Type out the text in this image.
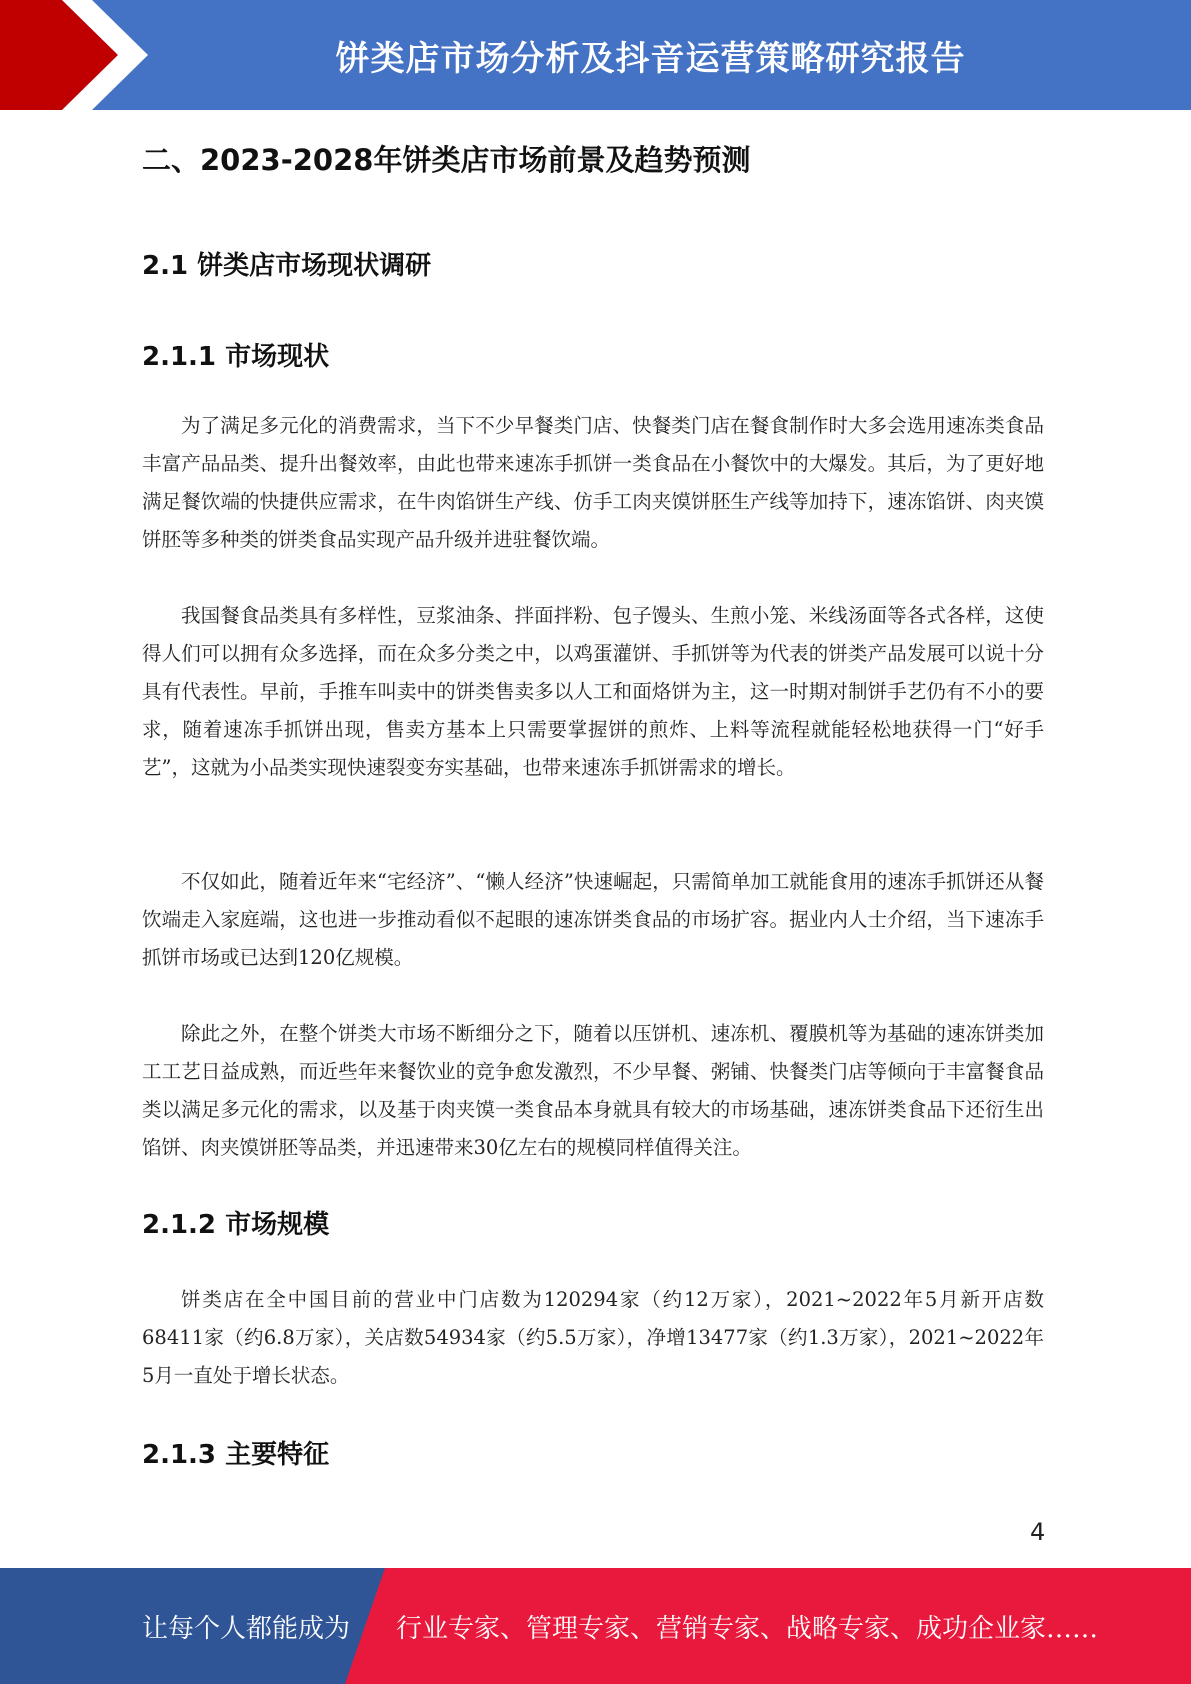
饼类店市场分析及抖音运营策略研究报告
二、2023-2028年饼类店市场前景及趋势预测
2.1 饼类店市场现状调研
2.1.1 市场现状

为了满足多元化的消费需求，当下不少早餐类门店、快餐类门店在餐食制作时大多会选用速冻类食品丰富产品品类、提升出餐效率，由此也带来速冻手抓饼一类食品在小餐饮中的大爆发。其后，为了更好地满足餐饮端的快捷供应需求，在牛肉馅饼生产线、仿手工肉夹馍饼胚生产线等加持下，速冻馅饼、肉夹馍饼胚等多种类的饼类食品实现产品升级并进驻餐饮端。

我国餐食品类具有多样性，豆浆油条、拌面拌粉、包子馒头、生煎小笼、米线汤面等各式各样，这使得人们可以拥有众多选择，而在众多分类之中，以鸡蛋灌饼、手抓饼等为代表的饼类产品发展可以说十分具有代表性。早前，手推车叫卖中的饼类售卖多以人工和面烙饼为主，这一时期对制饼手艺仍有不小的要求，随着速冻手抓饼出现，售卖方基本上只需要掌握饼的煎炸、上料等流程就能轻松地获得一门“好手艺”，这就为小品类实现快速裂变夯实基础，也带来速冻手抓饼需求的增长。

不仅如此，随着近年来“宅经济”、“懒人经济”快速崛起，只需简单加工就能食用的速冻手抓饼还从餐饮端走入家庭端，这也进一步推动看似不起眼的速冻饼类食品的市场扩容。据业内人士介绍，当下速冻手抓饼市场或已达到120亿规模。

除此之外，在整个饼类大市场不断细分之下，随着以压饼机、速冻机、覆膜机等为基础的速冻饼类加工工艺日益成熟，而近些年来餐饮业的竞争愈发激烈，不少早餐、粥铺、快餐类门店等倾向于丰富餐食品类以满足多元化的需求，以及基于肉夹馍一类食品本身就具有较大的市场基础，速冻饼类食品下还衍生出馅饼、肉夹馍饼胚等品类，并迅速带来30亿左右的规模同样值得关注。

2.1.2 市场规模

饼类店在全中国目前的营业中门店数为120294家（约12万家），2021~2022年5月新开店数68411家（约6.8万家），关店数54934家（约5.5万家），净增13477家（约1.3万家），2021~2022年5月一直处于增长状态。

2.1.3 主要特征
4
让每个人都能成为 行业专家、管理专家、营销专家、战略专家、成功企业家……
